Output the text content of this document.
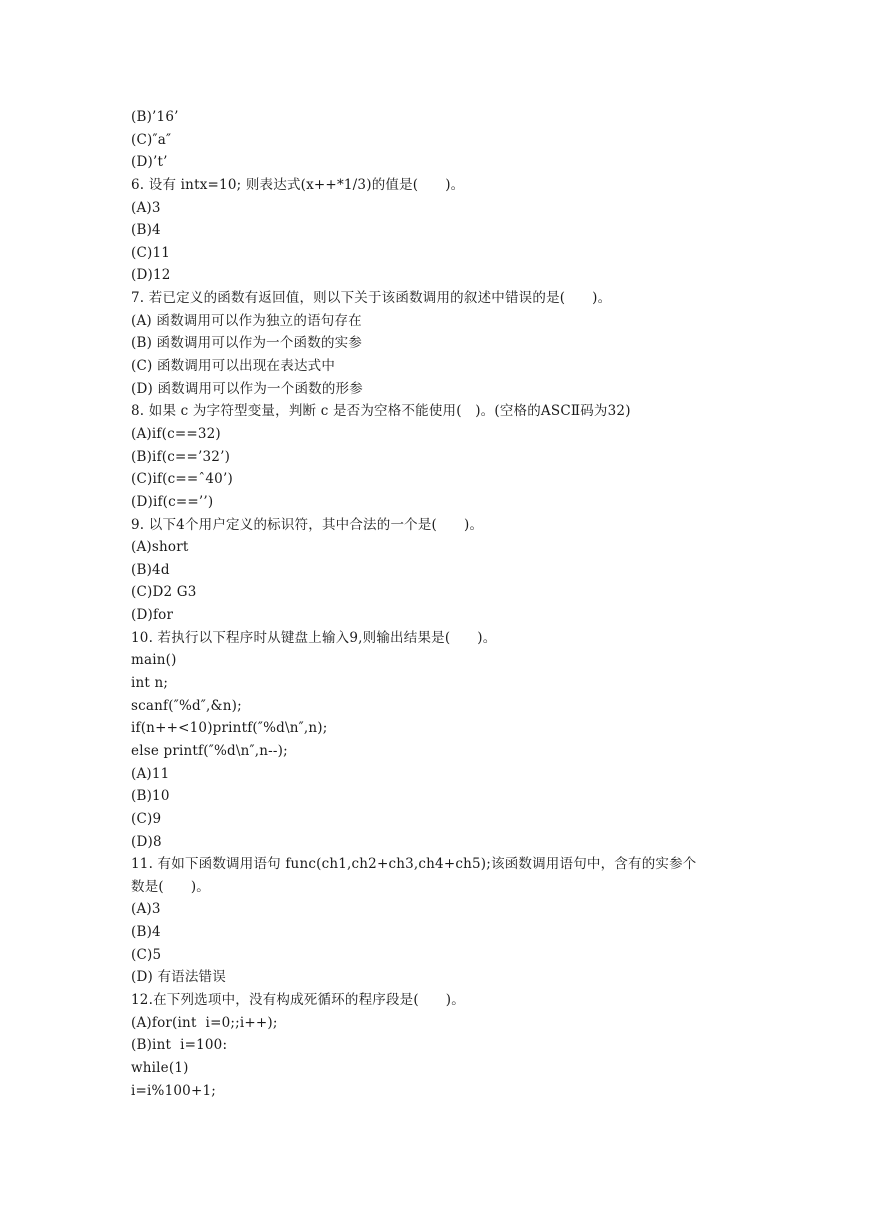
(B)’16’
(C)″a″
(D)’t’
6. 设有 intx=10; 则表达式(x++*1/3)的值是(      )。
(A)3
(B)4
(C)11
(D)12
7. 若已定义的函数有返回值，则以下关于该函数调用的叙述中错误的是(      )。
(A) 函数调用可以作为独立的语句存在
(B) 函数调用可以作为一个函数的实参
(C) 函数调用可以出现在表达式中
(D) 函数调用可以作为一个函数的形参
8. 如果 c 为字符型变量，判断 c 是否为空格不能使用(   )。(空格的ASCⅡ码为32)
(A)if(c==32)
(B)if(c==’32’)
(C)if(c==ˆ40’)
(D)if(c==’’)
9. 以下4个用户定义的标识符，其中合法的一个是(      )。
(A)short
(B)4d
(C)D2 G3
(D)for
10. 若执行以下程序时从键盘上输入9,则输出结果是(      )。
main()
int n;
scanf(″%d″,&n);
if(n++<10)printf(″%d\n″,n);
else printf(″%d\n″,n--);
(A)11
(B)10
(C)9
(D)8
11. 有如下函数调用语句 func(ch1,ch2+ch3,ch4+ch5);该函数调用语句中，含有的实参个
数是(      )。
(A)3
(B)4
(C)5
(D) 有语法错误
12.在下列选项中，没有构成死循环的程序段是(      )。
(A)for(int  i=0;;i++);
(B)int  i=100:
while(1)
i=i%100+1;
